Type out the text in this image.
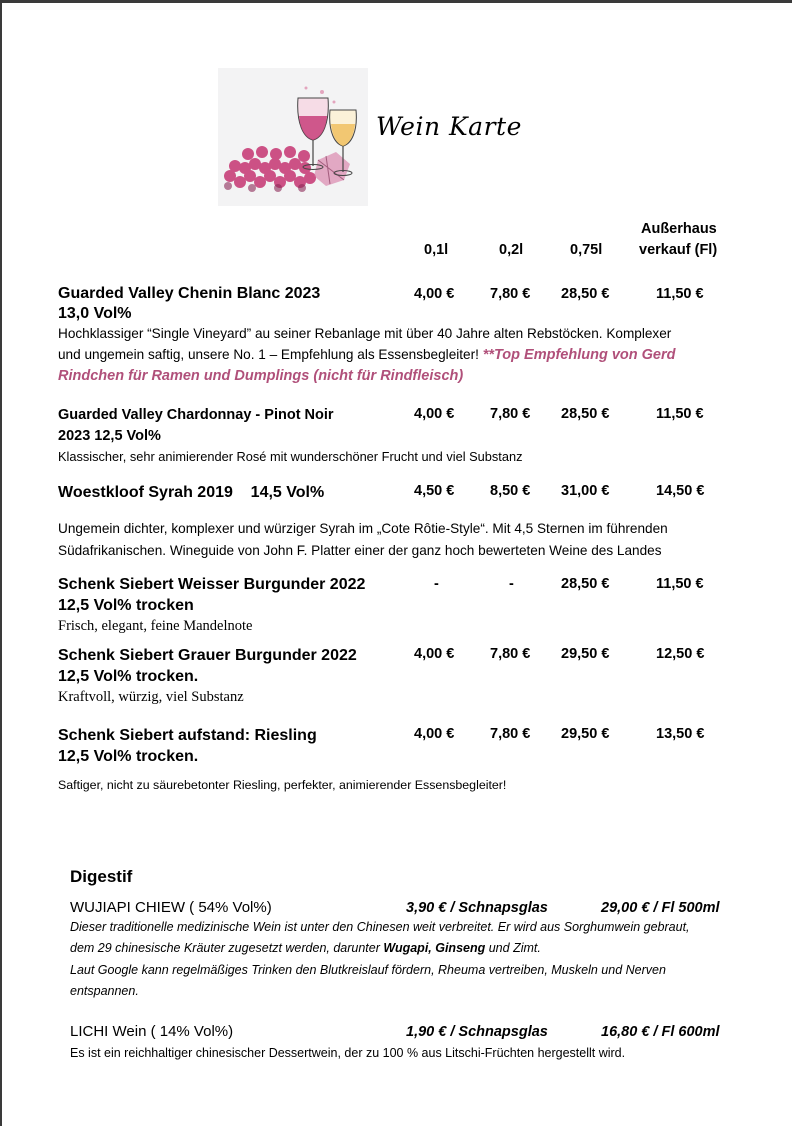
Wein Karte
0,1l	0,2l	0,75l
Außerhaus
verkauf (Fl)
Guarded Valley Chenin Blanc 2023
13,0 Vol%
4,00 € 7,80 € 28,50 €	11,50 €
Hochklassiger “Single Vineyard” au seiner Rebanlage mit über 40 Jahre alten Rebstöcken. Komplexer
und ungemein saftig, unsere No. 1 – Empfehlung als Essensbegleiter! **Top Empfehlung von Gerd
Rindchen für Ramen und Dumplings (nicht für Rindfleisch)
Guarded Valley Chardonnay - Pinot Noir
2023 12,5 Vol%
4,00 € 7,80 € 28,50 €	11,50 €
Klassischer, sehr animierender Rosé mit wunderschöner Frucht und viel Substanz
Woestkloof Syrah 2019 14,5 Vol%	4,50 € 8,50 € 31,00 €	14,50 €
Ungemein dichter, komplexer und würziger Syrah im „Cote Rôtie-Style“. Mit 4,5 Sternen im führenden
Südafrikanischen. Wineguide von John F. Platter einer der ganz hoch bewerteten Weine des Landes
Schenk Siebert Weisser Burgunder 2022
12,5 Vol% trocken
-	-	28,50 €	11,50 €
Frisch, elegant, feine Mandelnote
Schenk Siebert Grauer Burgunder 2022
12,5 Vol% trocken.
4,00 € 7,80 € 29,50 €	12,50 €
Kraftvoll, würzig, viel Substanz
Schenk Siebert aufstand: Riesling
12,5 Vol% trocken.
4,00 € 7,80 € 29,50 €	13,50 €
Saftiger, nicht zu säurebetonter Riesling, perfekter, animierender Essensbegleiter!
Digestif
WUJIAPI CHIEW ( 54% Vol%)	3,90 € / Schnapsglas	29,00 € / Fl 500ml
Dieser traditionelle medizinische Wein ist unter den Chinesen weit verbreitet. Er wird aus Sorghumwein gebraut,
dem 29 chinesische Kräuter zugesetzt werden, darunter Wugapi, Ginseng und Zimt.
Laut Google kann regelmäßiges Trinken den Blutkreislauf fördern, Rheuma vertreiben, Muskeln und Nerven
entspannen.
LICHI Wein ( 14% Vol%)	1,90 € / Schnapsglas	16,80 € / Fl 600ml
Es ist ein reichhaltiger chinesischer Dessertwein, der zu 100 % aus Litschi-Früchten hergestellt wird.
